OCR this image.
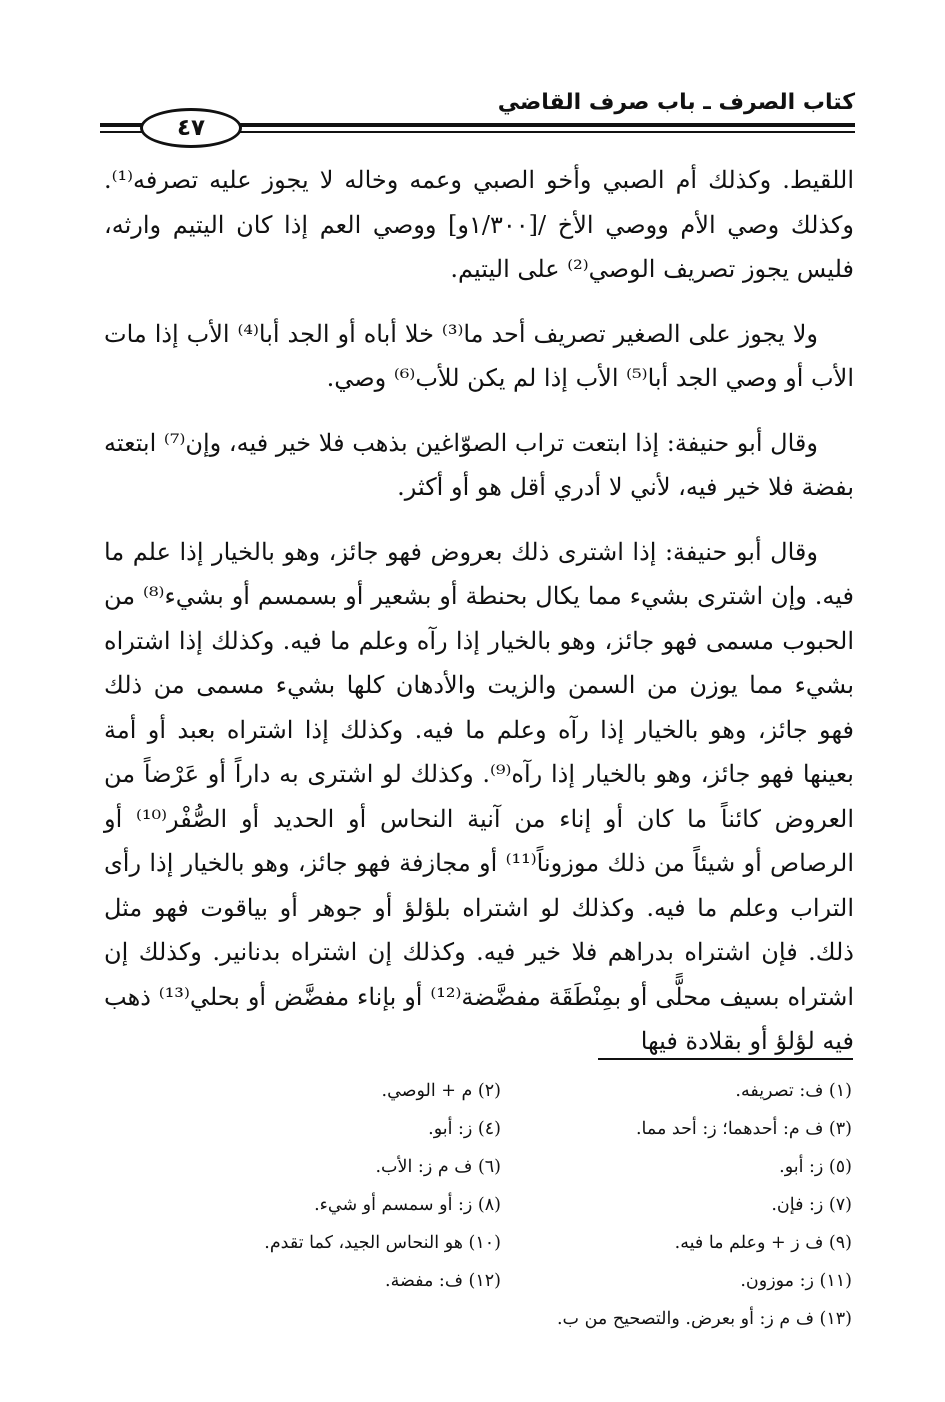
كتاب الصرف ـ باب صرف القاضي
٤٧

اللقيط. وكذلك أم الصبي وأخو الصبي وعمه وخاله لا يجوز عليه تصرفه⁽¹⁾. وكذلك وصي الأم ووصي الأخ /[١/٣٠٠و] ووصي العم إذا كان اليتيم وارثه، فليس يجوز تصريف الوصي⁽²⁾ على اليتيم.

ولا يجوز على الصغير تصريف أحد ما⁽³⁾ خلا أباه أو الجد أبا⁽⁴⁾ الأب إذا مات الأب أو وصي الجد أبا⁽⁵⁾ الأب إذا لم يكن للأب⁽⁶⁾ وصي.

وقال أبو حنيفة: إذا ابتعت تراب الصوّاغين بذهب فلا خير فيه، وإن⁽⁷⁾ ابتعته بفضة فلا خير فيه، لأني لا أدري أقل هو أو أكثر.

وقال أبو حنيفة: إذا اشترى ذلك بعروض فهو جائز، وهو بالخيار إذا علم ما فيه. وإن اشترى بشيء مما يكال بحنطة أو بشعير أو بسمسم أو بشيء⁽⁸⁾ من الحبوب مسمى فهو جائز، وهو بالخيار إذا رآه وعلم ما فيه. وكذلك إذا اشتراه بشيء مما يوزن من السمن والزيت والأدهان كلها بشيء مسمى من ذلك فهو جائز، وهو بالخيار إذا رآه وعلم ما فيه. وكذلك إذا اشتراه بعبد أو أمة بعينها فهو جائز، وهو بالخيار إذا رآه⁽⁹⁾. وكذلك لو اشترى به داراً أو عَرْضاً من العروض كائناً ما كان أو إناء من آنية النحاس أو الحديد أو الصُّفْر⁽¹⁰⁾ أو الرصاص أو شيئاً من ذلك موزوناً⁽¹¹⁾ أو مجازفة فهو جائز، وهو بالخيار إذا رأى التراب وعلم ما فيه. وكذلك لو اشتراه بلؤلؤ أو جوهر أو بياقوت فهو مثل ذلك. فإن اشتراه بدراهم فلا خير فيه. وكذلك إن اشتراه بدنانير. وكذلك إن اشتراه بسيف محلًّى أو بمِنْطَقَة مفضَّضة⁽¹²⁾ أو بإناء مفضَّض أو بحلي⁽¹³⁾ ذهب فيه لؤلؤ أو بقلادة فيها

(١) ف: تصريفه.
(٢) م + الوصي.
(٣) ف م: أحدهما؛ ز: أحد مما.
(٤) ز: أبو.
(٥) ز: أبو.
(٦) ف م ز: الأب.
(٧) ز: فإن.
(٨) ز: أو سمسم أو شيء.
(٩) ف ز + وعلم ما فيه.
(١٠) هو النحاس الجيد، كما تقدم.
(١١) ز: موزون.
(١٢) ف: مفضة.
(١٣) ف م ز: أو بعرض. والتصحيح من ب.
